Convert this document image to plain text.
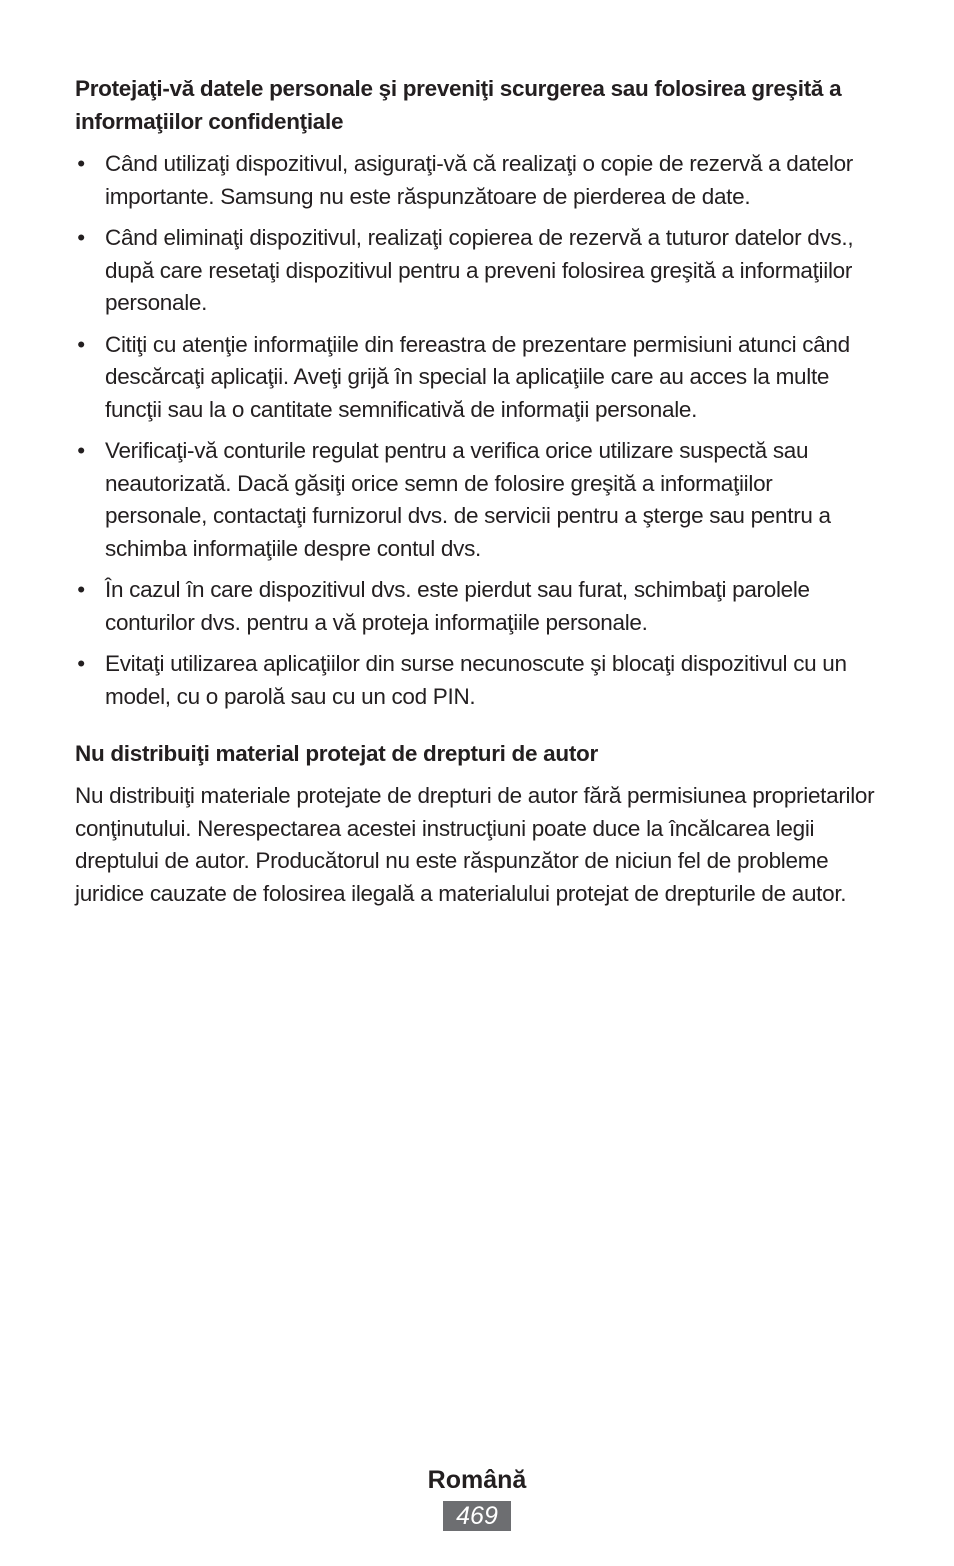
Protejaţi-vă datele personale şi preveniţi scurgerea sau folosirea greşită a informaţiilor confidenţiale
• Când utilizaţi dispozitivul, asiguraţi-vă că realizaţi o copie de rezervă a datelor importante. Samsung nu este răspunzătoare de pierderea de date.
• Când eliminaţi dispozitivul, realizaţi copierea de rezervă a tuturor datelor dvs., după care resetaţi dispozitivul pentru a preveni folosirea greşită a informaţiilor personale.
• Citiţi cu atenţie informaţiile din fereastra de prezentare permisiuni atunci când descărcaţi aplicaţii. Aveţi grijă în special la aplicaţiile care au acces la multe funcţii sau la o cantitate semnificativă de informaţii personale.
• Verificaţi-vă conturile regulat pentru a verifica orice utilizare suspectă sau neautorizată. Dacă găsiţi orice semn de folosire greşită a informaţiilor personale, contactaţi furnizorul dvs. de servicii pentru a şterge sau pentru a schimba informaţiile despre contul dvs.
• În cazul în care dispozitivul dvs. este pierdut sau furat, schimbaţi parolele conturilor dvs. pentru a vă proteja informaţiile personale.
• Evitaţi utilizarea aplicaţiilor din surse necunoscute şi blocaţi dispozitivul cu un model, cu o parolă sau cu un cod PIN.
Nu distribuiţi material protejat de drepturi de autor

Nu distribuiţi materiale protejate de drepturi de autor fără permisiunea proprietarilor conţinutului. Nerespectarea acestei instrucţiuni poate duce la încălcarea legii dreptului de autor. Producătorul nu este răspunzător de niciun fel de probleme juridice cauzate de folosirea ilegală a materialului protejat de drepturile de autor.

Română
469
